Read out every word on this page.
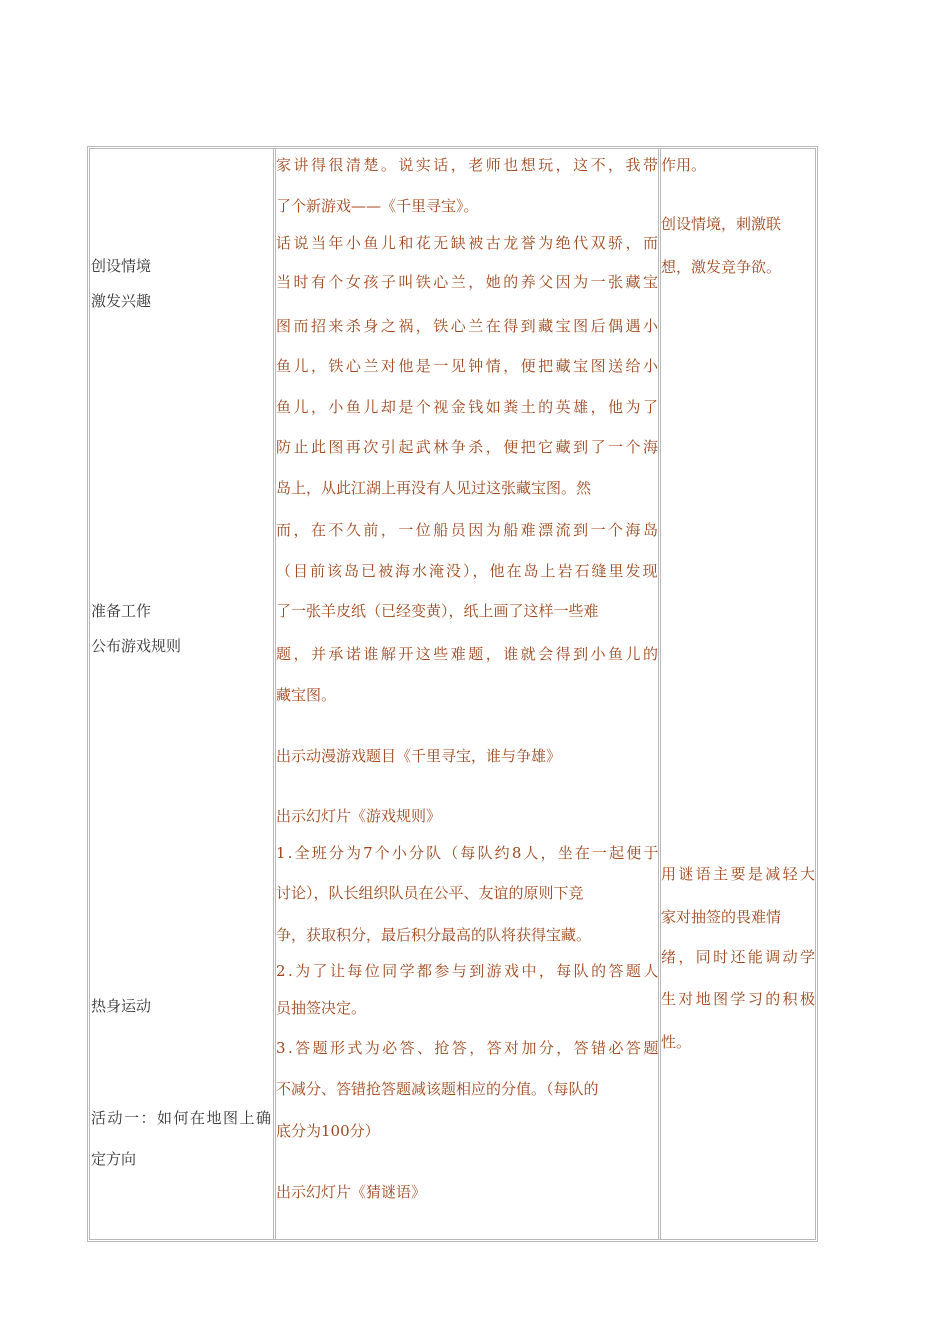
创设情境
激发兴趣
准备工作
公布游戏规则
热身运动
活动一：如何在地图上确
定方向
家讲得很清楚。说实话，老师也想玩，这不，我带
了个新游戏——《千里寻宝》。
话说当年小鱼儿和花无缺被古龙誉为绝代双骄，而
当时有个女孩子叫铁心兰，她的养父因为一张藏宝
图而招来杀身之祸，铁心兰在得到藏宝图后偶遇小
鱼儿，铁心兰对他是一见钟情，便把藏宝图送给小
鱼儿，小鱼儿却是个视金钱如粪土的英雄，他为了
防止此图再次引起武林争杀，便把它藏到了一个海
岛上，从此江湖上再没有人见过这张藏宝图。然
而，在不久前，一位船员因为船难漂流到一个海岛
（目前该岛已被海水淹没），他在岛上岩石缝里发现
了一张羊皮纸（已经变黄），纸上画了这样一些难
题，并承诺谁解开这些难题，谁就会得到小鱼儿的
藏宝图。
出示动漫游戏题目《千里寻宝，谁与争雄》
出示幻灯片《游戏规则》
1.全班分为7个小分队（每队约8人，坐在一起便于
讨论），队长组织队员在公平、友谊的原则下竞
争，获取积分，最后积分最高的队将获得宝藏。
2.为了让每位同学都参与到游戏中，每队的答题人
员抽签决定。
3.答题形式为必答、抢答，答对加分，答错必答题
不减分、答错抢答题减该题相应的分值。（每队的
底分为100分）
出示幻灯片《猜谜语》
作用。
创设情境，刺激联
想，激发竞争欲。
用谜语主要是减轻大
家对抽签的畏难情
绪，同时还能调动学
生对地图学习的积极
性。
